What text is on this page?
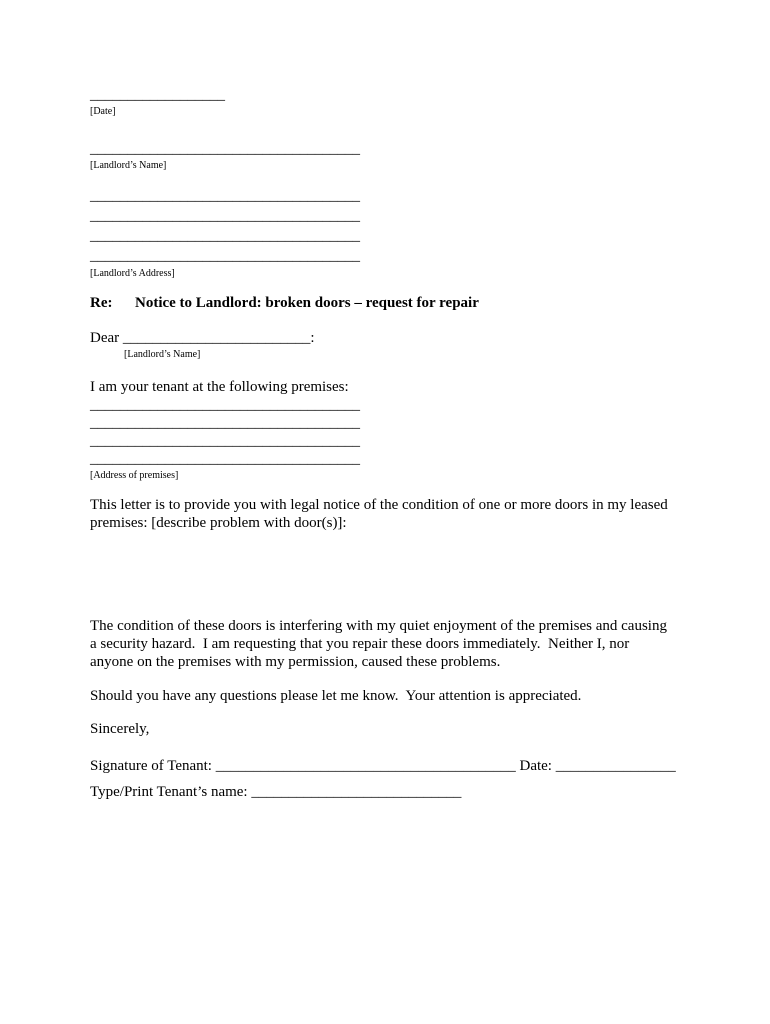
__________________
[Date]
____________________________________
[Landlord’s Name]
____________________________________
____________________________________
____________________________________
____________________________________
[Landlord’s Address]
Re:	Notice to Landlord: broken doors – request for repair
Dear _________________________:
[Landlord’s Name]
I am your tenant at the following premises:
____________________________________
____________________________________
____________________________________
____________________________________
[Address of premises]
This letter is to provide you with legal notice of the condition of one or more doors in my leased premises: [describe problem with door(s)]:
The condition of these doors is interfering with my quiet enjoyment of the premises and causing a security hazard.  I am requesting that you repair these doors immediately.  Neither I, nor anyone on the premises with my permission, caused these problems.
Should you have any questions please let me know.  Your attention is appreciated.
Sincerely,
Signature of Tenant: ________________________________________ Date: ________________
Type/Print Tenant’s name: ____________________________
